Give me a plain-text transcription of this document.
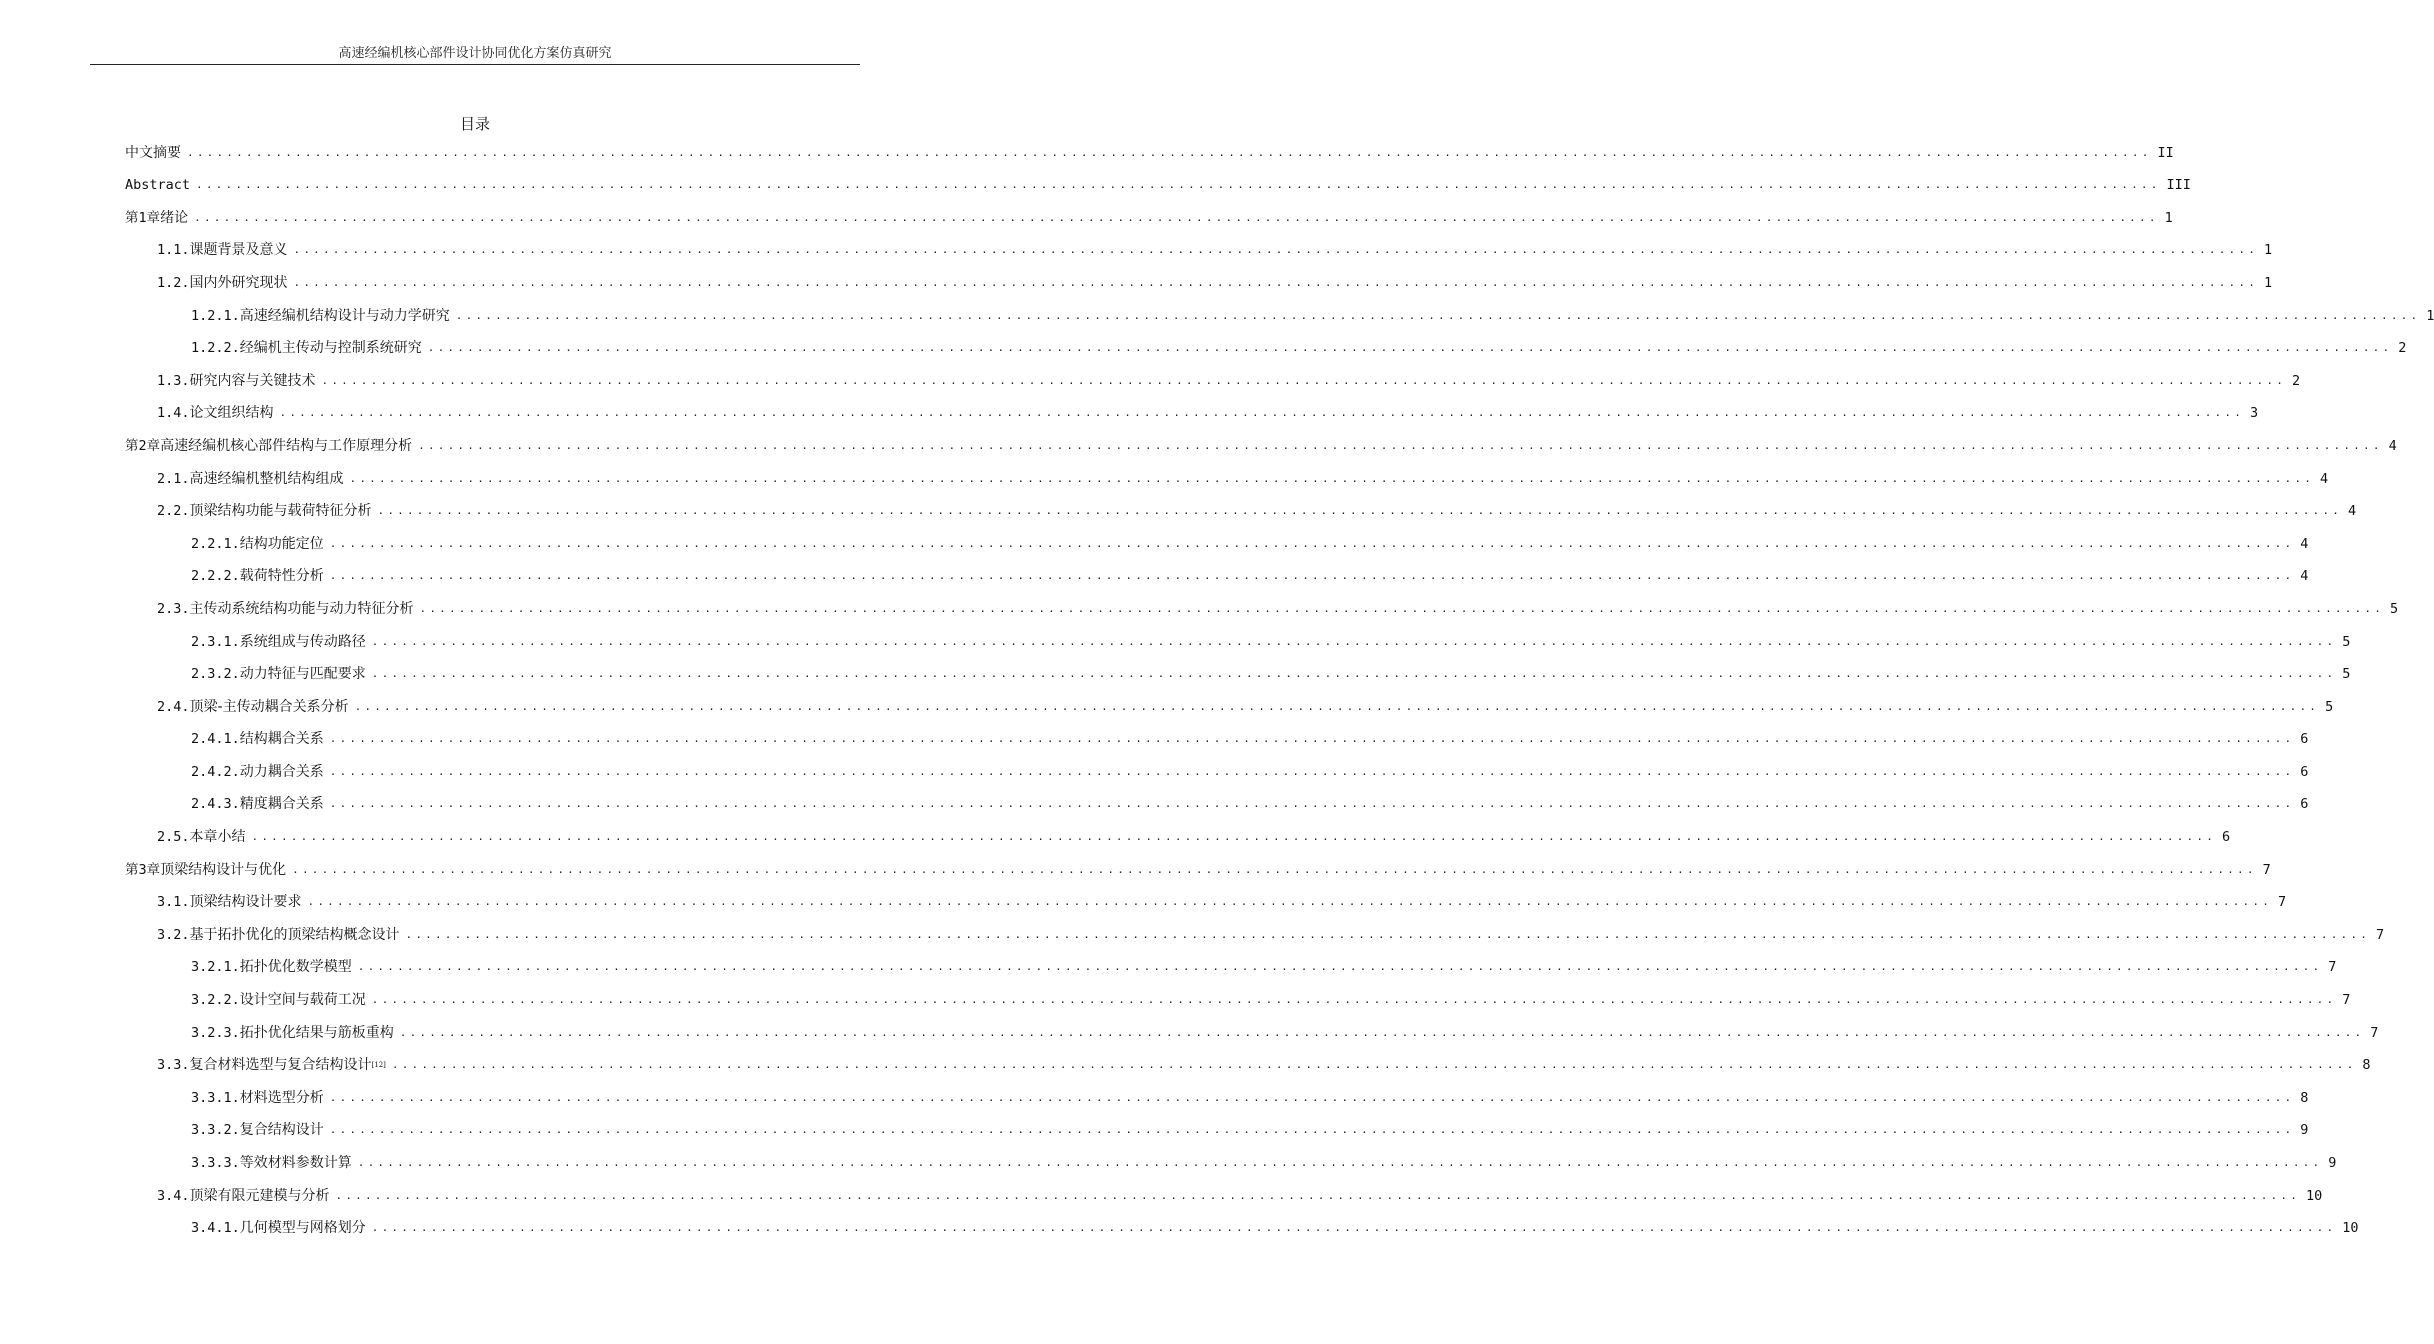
高速经编机核心部件设计协同优化方案仿真研究
目录
中文摘要 ........................................................................................................................................................................................................ II
Abstract ........................................................................................................................................................................................................ III
第1章 绪论 ........................................................................................................................................................................................................ 1
1.1. 课题背景及意义 ........................................................................................................................................................................................................ 1
1.2. 国内外研究现状 ........................................................................................................................................................................................................ 1
1.2.1. 高速经编机结构设计与动力学研究 ........................................................................................................................................................................................................ 1
1.2.2. 经编机主传动与控制系统研究 ........................................................................................................................................................................................................ 2
1.3. 研究内容与关键技术 ........................................................................................................................................................................................................ 2
1.4. 论文组织结构 ........................................................................................................................................................................................................ 3
第2章 高速经编机核心部件结构与工作原理分析 ........................................................................................................................................................................................................ 4
2.1. 高速经编机整机结构组成 ........................................................................................................................................................................................................ 4
2.2. 顶梁结构功能与载荷特征分析 ........................................................................................................................................................................................................ 4
2.2.1. 结构功能定位 ........................................................................................................................................................................................................ 4
2.2.2. 载荷特性分析 ........................................................................................................................................................................................................ 4
2.3. 主传动系统结构功能与动力特征分析 ........................................................................................................................................................................................................ 5
2.3.1. 系统组成与传动路径 ........................................................................................................................................................................................................ 5
2.3.2. 动力特征与匹配要求 ........................................................................................................................................................................................................ 5
2.4. 顶梁-主传动耦合关系分析 ........................................................................................................................................................................................................ 5
2.4.1. 结构耦合关系 ........................................................................................................................................................................................................ 6
2.4.2. 动力耦合关系 ........................................................................................................................................................................................................ 6
2.4.3. 精度耦合关系 ........................................................................................................................................................................................................ 6
2.5. 本章小结 ........................................................................................................................................................................................................ 6
第3章 顶梁结构设计与优化 ........................................................................................................................................................................................................ 7
3.1. 顶梁结构设计要求 ........................................................................................................................................................................................................ 7
3.2. 基于拓扑优化的顶梁结构概念设计 ........................................................................................................................................................................................................ 7
3.2.1. 拓扑优化数学模型 ........................................................................................................................................................................................................ 7
3.2.2. 设计空间与载荷工况 ........................................................................................................................................................................................................ 7
3.2.3. 拓扑优化结果与筋板重构 ........................................................................................................................................................................................................ 7
3.3. 复合材料选型与复合结构设计 [12] ........................................................................................................................................................................................................ 8
3.3.1. 材料选型分析 ........................................................................................................................................................................................................ 8
3.3.2. 复合结构设计 ........................................................................................................................................................................................................ 9
3.3.3. 等效材料参数计算 ........................................................................................................................................................................................................ 9
3.4. 顶梁有限元建模与分析 ........................................................................................................................................................................................................ 10
3.4.1. 几何模型与网格划分 ........................................................................................................................................................................................................ 10
